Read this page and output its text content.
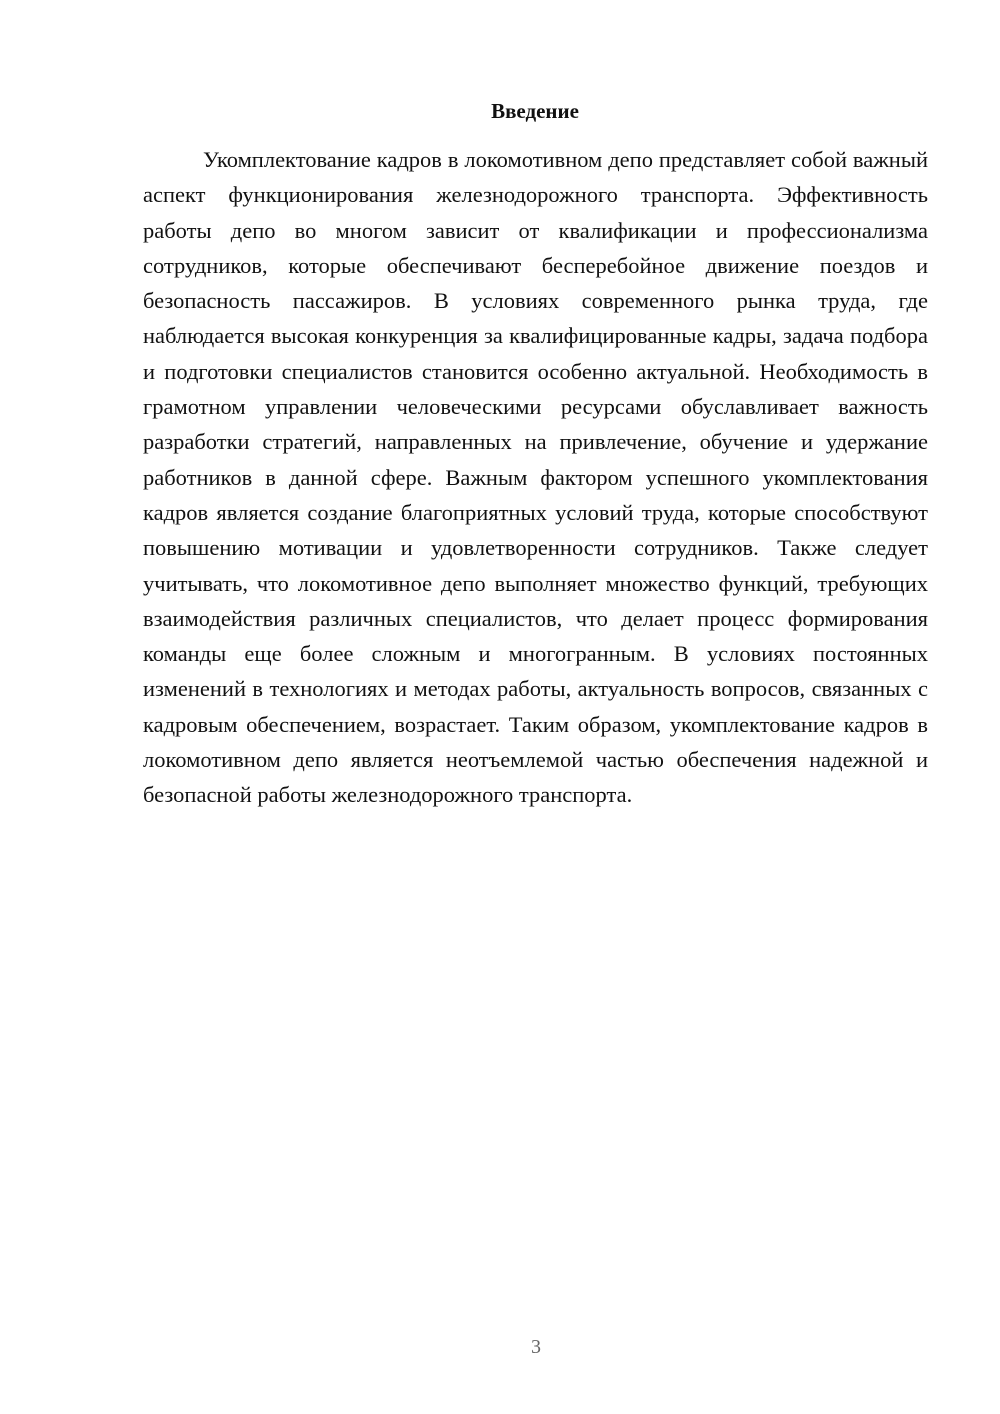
Введение

Укомплектование кадров в локомотивном депо представляет собой важный аспект функционирования железнодорожного транспорта. Эффективность работы депо во многом зависит от квалификации и профессионализма сотрудников, которые обеспечивают бесперебойное движение поездов и безопасность пассажиров. В условиях современного рынка труда, где наблюдается высокая конкуренция за квалифицированные кадры, задача подбора и подготовки специалистов становится особенно актуальной. Необходимость в грамотном управлении человеческими ресурсами обуславливает важность разработки стратегий, направленных на привлечение, обучение и удержание работников в данной сфере. Важным фактором успешного укомплектования кадров является создание благоприятных условий труда, которые способствуют повышению мотивации и удовлетворенности сотрудников. Также следует учитывать, что локомотивное депо выполняет множество функций, требующих взаимодействия различных специалистов, что делает процесс формирования команды еще более сложным и многогранным. В условиях постоянных изменений в технологиях и методах работы, актуальность вопросов, связанных с кадровым обеспечением, возрастает. Таким образом, укомплектование кадров в локомотивном депо является неотъемлемой частью обеспечения надежной и безопасной работы железнодорожного транспорта.

3
